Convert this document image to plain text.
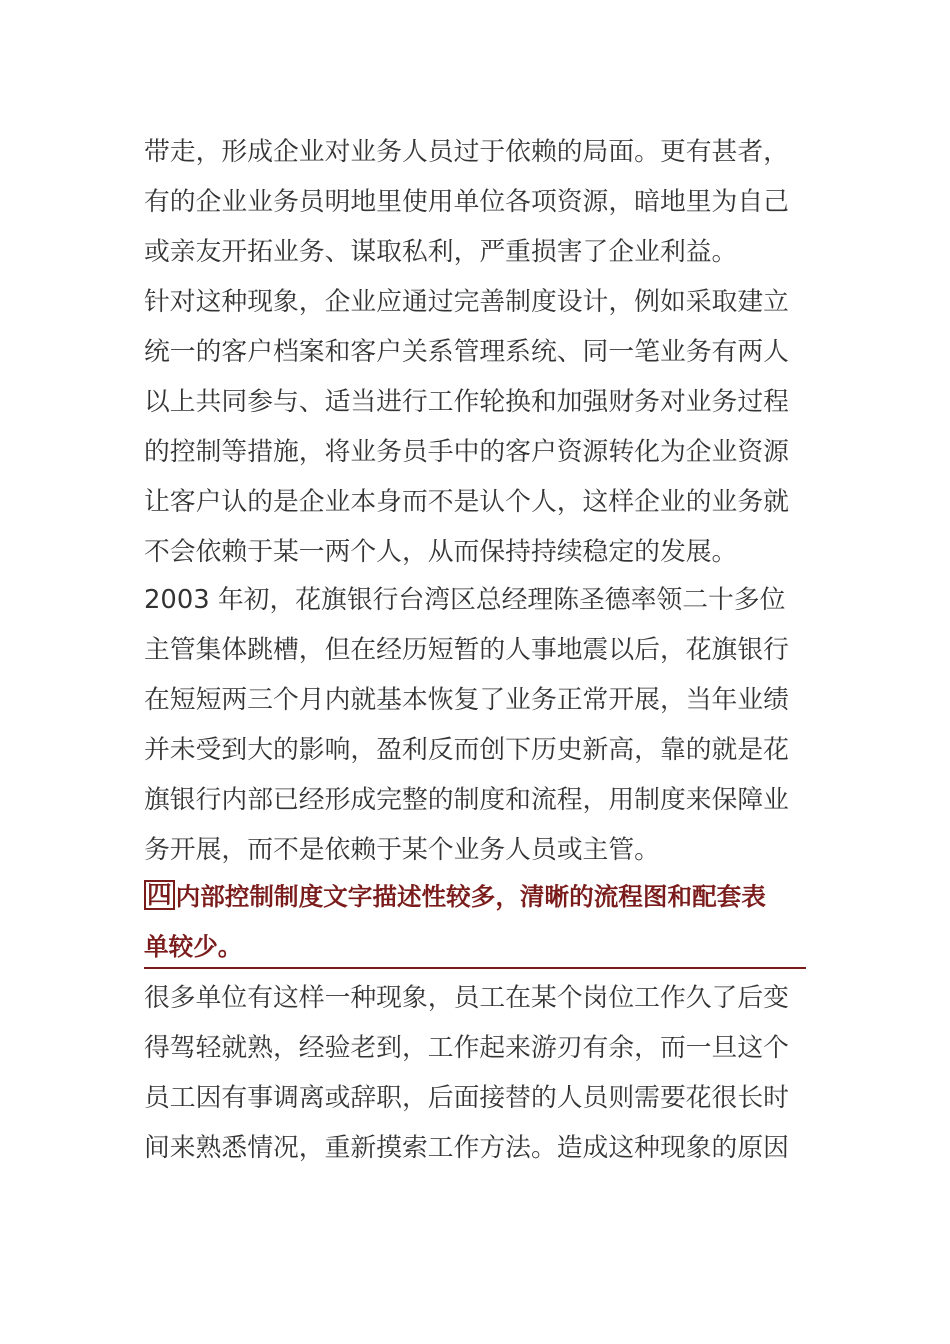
带走，形成企业对业务人员过于依赖的局面。更有甚者，
有的企业业务员明地里使用单位各项资源，暗地里为自己
或亲友开拓业务、谋取私利，严重损害了企业利益。
针对这种现象，企业应通过完善制度设计，例如采取建立
统一的客户档案和客户关系管理系统、同一笔业务有两人
以上共同参与、适当进行工作轮换和加强财务对业务过程
的控制等措施，将业务员手中的客户资源转化为企业资源
让客户认的是企业本身而不是认个人，这样企业的业务就
不会依赖于某一两个人，从而保持持续稳定的发展。
2003 年初，花旗银行台湾区总经理陈圣德率领二十多位
主管集体跳槽，但在经历短暂的人事地震以后，花旗银行
在短短两三个月内就基本恢复了业务正常开展，当年业绩
并未受到大的影响，盈利反而创下历史新高，靠的就是花
旗银行内部已经形成完整的制度和流程，用制度来保障业
务开展，而不是依赖于某个业务人员或主管。
四 内部控制制度文字描述性较多，清晰的流程图和配套表
单较少。
很多单位有这样一种现象，员工在某个岗位工作久了后变
得驾轻就熟，经验老到，工作起来游刃有余，而一旦这个
员工因有事调离或辞职，后面接替的人员则需要花很长时
间来熟悉情况，重新摸索工作方法。造成这种现象的原因
